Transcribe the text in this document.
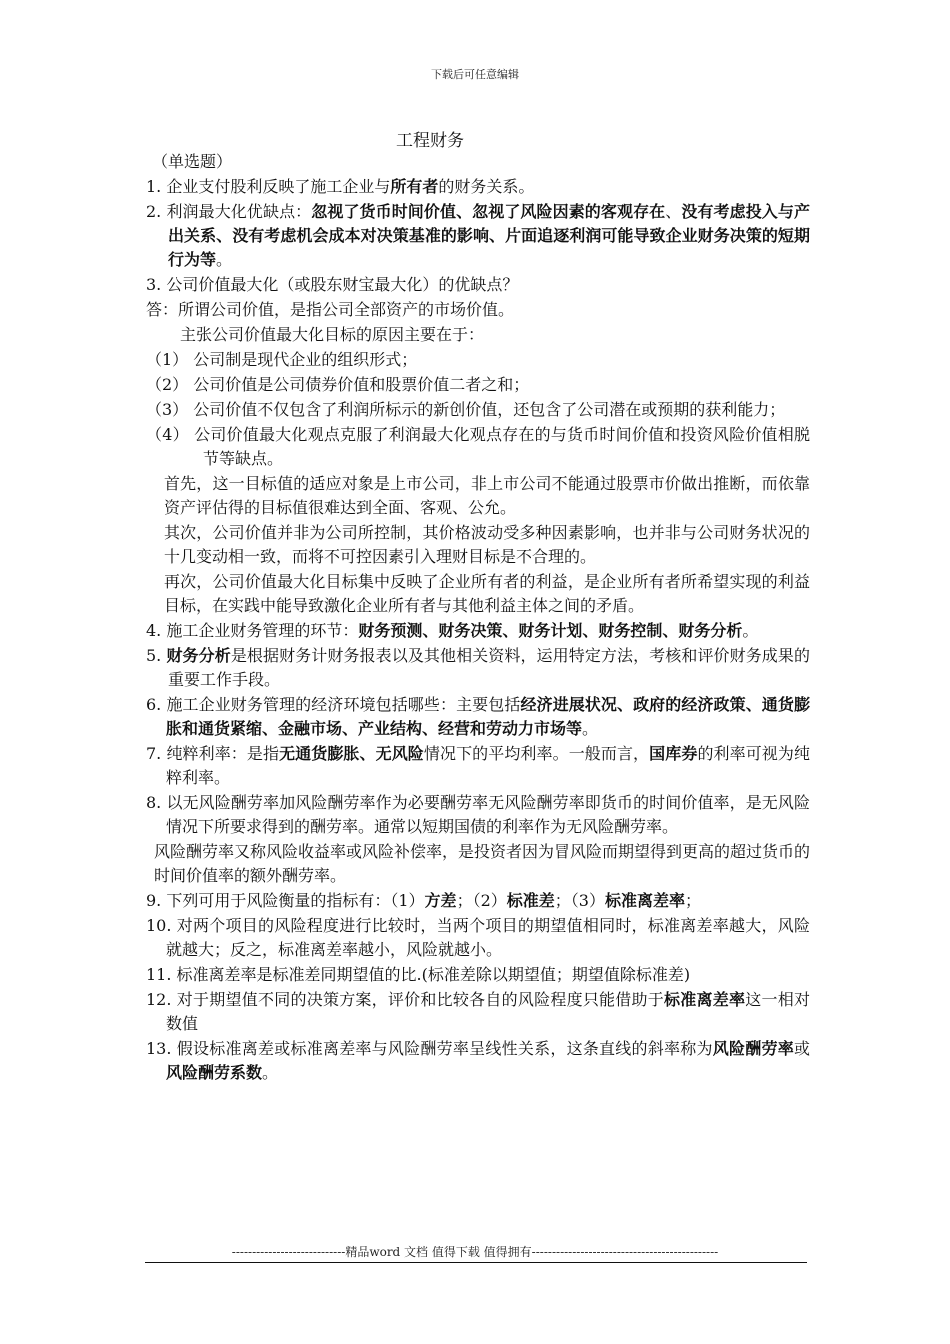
下载后可任意编辑
工程财务

（单选题）

1. 企业支付股利反映了施工企业与所有者的财务关系。

2. 利润最大化优缺点：忽视了货币时间价值、忽视了风险因素的客观存在、没有考虑投入与产出关系、没有考虑机会成本对决策基准的影响、片面追逐利润可能导致企业财务决策的短期行为等。

3. 公司价值最大化（或股东财宝最大化）的优缺点？

答：所谓公司价值，是指公司全部资产的市场价值。

主张公司价值最大化目标的原因主要在于：

（1） 公司制是现代企业的组织形式；

（2） 公司价值是公司债券价值和股票价值二者之和；

（3） 公司价值不仅包含了利润所标示的新创价值，还包含了公司潜在或预期的获利能力；

（4） 公司价值最大化观点克服了利润最大化观点存在的与货币时间价值和投资风险价值相脱节等缺点。

首先，这一目标值的适应对象是上市公司，非上市公司不能通过股票市价做出推断，而依靠资产评估得的目标值很难达到全面、客观、公允。

其次，公司价值并非为公司所控制，其价格波动受多种因素影响，也并非与公司财务状况的十几变动相一致，而将不可控因素引入理财目标是不合理的。

再次，公司价值最大化目标集中反映了企业所有者的利益，是企业所有者所希望实现的利益目标，在实践中能导致激化企业所有者与其他利益主体之间的矛盾。

4. 施工企业财务管理的环节：财务预测、财务决策、财务计划、财务控制、财务分析。

5. 财务分析是根据财务计财务报表以及其他相关资料，运用特定方法，考核和评价财务成果的重要工作手段。

6. 施工企业财务管理的经济环境包括哪些：主要包括经济进展状况、政府的经济政策、通货膨胀和通货紧缩、金融市场、产业结构、经营和劳动力市场等。

7. 纯粹利率：是指无通货膨胀、无风险情况下的平均利率。一般而言，国库券的利率可视为纯粹利率。

8. 以无风险酬劳率加风险酬劳率作为必要酬劳率无风险酬劳率即货币的时间价值率，是无风险情况下所要求得到的酬劳率。通常以短期国债的利率作为无风险酬劳率。

风险酬劳率又称风险收益率或风险补偿率，是投资者因为冒风险而期望得到更高的超过货币的时间价值率的额外酬劳率。

9. 下列可用于风险衡量的指标有：（1）方差；（2）标准差；（3）标准离差率；

10. 对两个项目的风险程度进行比较时，当两个项目的期望值相同时，标准离差率越大，风险就越大；反之，标准离差率越小，风险就越小。

11. 标准离差率是标准差同期望值的比.(标准差除以期望值；期望值除标准差)

12. 对于期望值不同的决策方案，评价和比较各自的风险程度只能借助于标准离差率这一相对数值

13. 假设标准离差或标准离差率与风险酬劳率呈线性关系，这条直线的斜率称为风险酬劳率或风险酬劳系数。

----------------------------精品word 文档 值得下载 值得拥有----------------------------------------------
